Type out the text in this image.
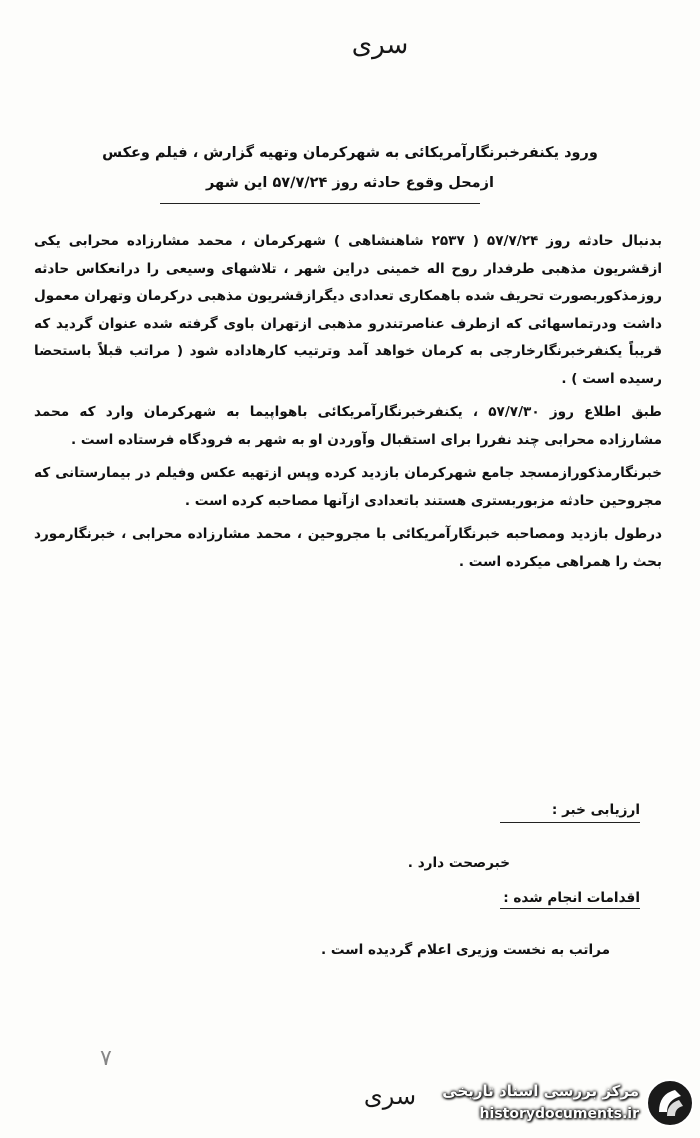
سری
ورود یکنفرخبرنگارآمریکائی به شهرکرمان وتهیه گزارش ، فیلم وعکس
ازمحل وقوع حادثه روز ۵۷/۷/۲۴ این شهر

بدنبال حادثه روز ۵۷/۷/۲۴ ( ۲۵۳۷ شاهنشاهی ) شهرکرمان ، محمد مشارزاده محرابی یکی ازقشریون مذهبی طرفدار روح اله خمینی دراین شهر ، تلاشهای وسیعی را درانعکاس حادثه روزمذکوربصورت تحریف شده باهمکاری تعدادی دیگرازقشریون مذهبی درکرمان وتهران معمول داشت ودرتماسهائی که ازطرف عناصرتندرو مذهبی ازتهران باوی گرفته شده عنوان گردید که قریباً یکنفرخبرنگارخارجی به کرمان خواهد آمد وترتیب کارهاداده شود ( مراتب قبلاً باستحضا رسیده است ) .

طبق اطلاع روز ۵۷/۷/۳۰ ، یکنفرخبرنگارآمریکائی باهواپیما به شهرکرمان وارد که محمد مشارزاده محرابی چند نفررا برای استقبال وآوردن او به شهر به فرودگاه فرستاده است .

خبرنگارمذکورازمسجد جامع شهرکرمان بازدید کرده وپس ازتهیه عکس وفیلم در بیمارستانی که مجروحین حادثه مزبوربستری هستند باتعدادی ازآنها مصاحبه کرده است .

درطول بازدید ومصاحبه خبرنگارآمریکائی با مجروحین ، محمد مشارزاده محرابی ، خبرنگارمورد بحث را همراهی میکرده است .

ارزیابی خبر :
خبرصحت دارد .
اقدامات انجام شده :
مراتب به نخست وزیری اعلام گردیده است .
۷
سری	مرکز بررسی اسناد تاریخی
historydocuments.ir
